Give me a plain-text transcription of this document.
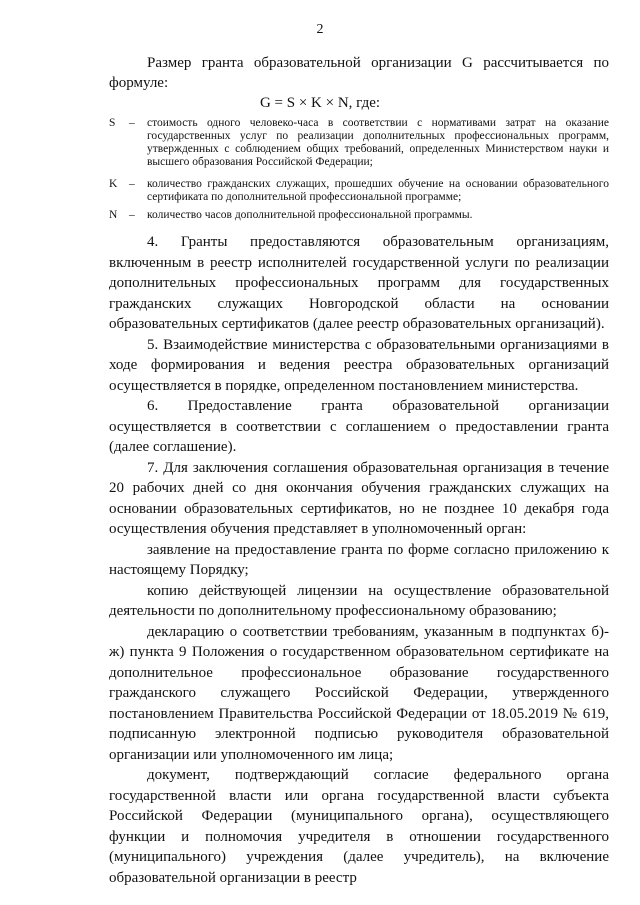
2
Размер гранта образовательной организации G рассчитывается по формуле:
G = S × K × N, где:
S – стоимость одного человеко-часа в соответствии с нормативами затрат на оказание государственных услуг по реализации дополнительных профессиональных программ, утвержденных с соблюдением общих требований, определенных Министерством науки и высшего образования Российской Федерации;
K – количество гражданских служащих, прошедших обучение на основании образовательного сертификата по дополнительной профессиональной программе;
N – количество часов дополнительной профессиональной программы.

4. Гранты предоставляются образовательным организациям, включенным в реестр исполнителей государственной услуги по реализации дополнительных профессиональных программ для государственных гражданских служащих Новгородской области на основании образовательных сертификатов (далее реестр образовательных организаций).

5. Взаимодействие министерства с образовательными организациями в ходе формирования и ведения реестра образовательных организаций осуществляется в порядке, определенном постановлением министерства.

6. Предоставление гранта образовательной организации осуществляется в соответствии с соглашением о предоставлении гранта (далее соглашение).

7. Для заключения соглашения образовательная организация в течение 20 рабочих дней со дня окончания обучения гражданских служащих на основании образовательных сертификатов, но не позднее 10 декабря года осуществления обучения представляет в уполномоченный орган:

заявление на предоставление гранта по форме согласно приложению к настоящему Порядку;

копию действующей лицензии на осуществление образовательной деятельности по дополнительному профессиональному образованию;

декларацию о соответствии требованиям, указанным в подпунктах б)-ж) пункта 9 Положения о государственном образовательном сертификате на дополнительное профессиональное образование государственного гражданского служащего Российской Федерации, утвержденного постановлением Правительства Российской Федерации от 18.05.2019 № 619, подписанную электронной подписью руководителя образовательной организации или уполномоченного им лица;

документ, подтверждающий согласие федерального органа государственной власти или органа государственной власти субъекта Российской Федерации (муниципального органа), осуществляющего функции и полномочия учредителя в отношении государственного (муниципального) учреждения (далее учредитель), на включение образовательной организации в реестр
